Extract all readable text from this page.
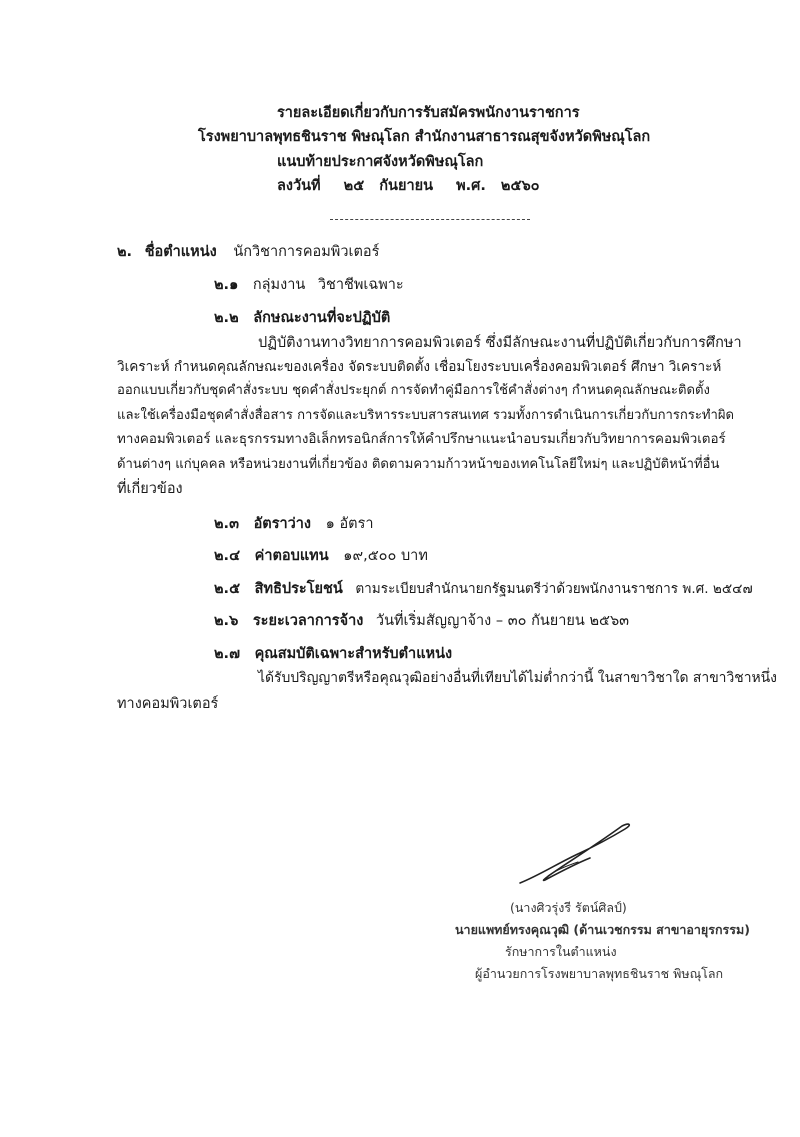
รายละเอียดเกี่ยวกับการรับสมัครพนักงานราชการ
โรงพยาบาลพุทธชินราช พิษณุโลก สำนักงานสาธารณสุขจังหวัดพิษณุโลก
แนบท้ายประกาศจังหวัดพิษณุโลก
ลงวันที่ ๒๕ กันยายน พ.ศ. ๒๕๖๐
๒. ชื่อตำแหน่ง นักวิชาการคอมพิวเตอร์
๒.๑ กลุ่มงาน วิชาชีพเฉพาะ
๒.๒ ลักษณะงานที่จะปฏิบัติ
ปฏิบัติงานทางวิทยาการคอมพิวเตอร์ ซึ่งมีลักษณะงานที่ปฏิบัติเกี่ยวกับการศึกษา
วิเคราะห์ กำหนดคุณลักษณะของเครื่อง จัดระบบติดตั้ง เชื่อมโยงระบบเครื่องคอมพิวเตอร์ ศึกษา วิเคราะห์
ออกแบบเกี่ยวกับชุดคำสั่งระบบ ชุดคำสั่งประยุกต์ การจัดทำคู่มือการใช้คำสั่งต่างๆ กำหนดคุณลักษณะติดตั้ง
และใช้เครื่องมือชุดคำสั่งสื่อสาร การจัดและบริหารระบบสารสนเทศ รวมทั้งการดำเนินการเกี่ยวกับการกระทำผิด
ทางคอมพิวเตอร์ และธุรกรรมทางอิเล็กทรอนิกส์การให้คำปรึกษาแนะนำอบรมเกี่ยวกับวิทยาการคอมพิวเตอร์
ด้านต่างๆ แก่บุคคล หรือหน่วยงานที่เกี่ยวข้อง ติดตามความก้าวหน้าของเทคโนโลยีใหม่ๆ และปฏิบัติหน้าที่อื่น
ที่เกี่ยวข้อง
๒.๓ อัตราว่าง ๑ อัตรา
๒.๔ ค่าตอบแทน ๑๙,๕๐๐ บาท
๒.๕ สิทธิประโยชน์ ตามระเบียบสำนักนายกรัฐมนตรีว่าด้วยพนักงานราชการ พ.ศ. ๒๕๔๗
๒.๖ ระยะเวลาการจ้าง วันที่เริ่มสัญญาจ้าง – ๓๐ กันยายน ๒๕๖๓
๒.๗ คุณสมบัติเฉพาะสำหรับตำแหน่ง
ได้รับปริญญาตรีหรือคุณวุฒิอย่างอื่นที่เทียบได้ไม่ต่ำกว่านี้ ในสาขาวิชาใด สาขาวิชาหนึ่ง
ทางคอมพิวเตอร์
(นางศิวรุ่งรี รัตน์ศิลป์)
นายแพทย์ทรงคุณวุฒิ (ด้านเวชกรรม สาขาอายุรกรรม)
รักษาการในตำแหน่ง
ผู้อำนวยการโรงพยาบาลพุทธชินราช พิษณุโลก
